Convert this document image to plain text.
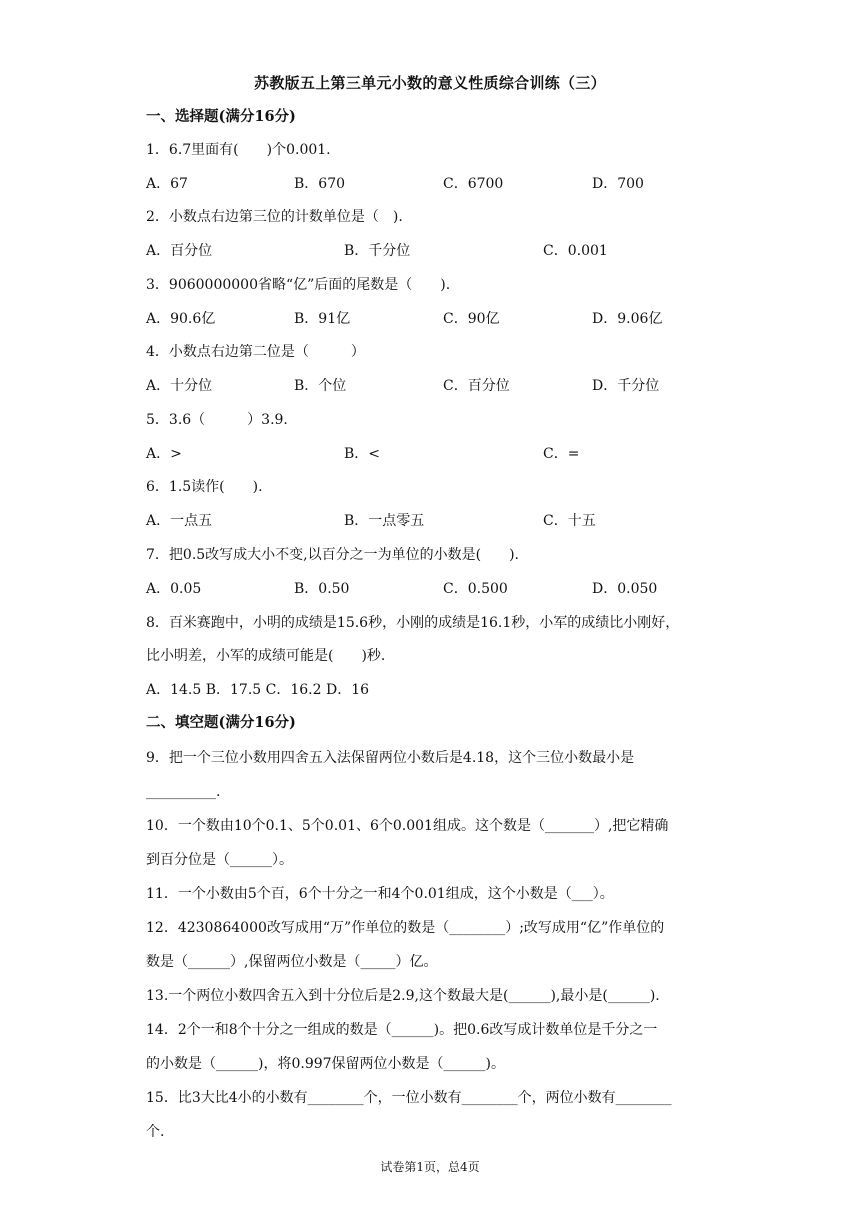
苏教版五上第三单元小数的意义性质综合训练（三）
一、选择题(满分16分)
1．6.7里面有(　　)个0.001.
A．67	B．670	C．6700	D．700
2．小数点右边第三位的计数单位是（　).
A．百分位	B．千分位	C．0.001
3．9060000000省略“亿”后面的尾数是（　　).
A．90.6亿	B．91亿	C．90亿	D．9.06亿
4．小数点右边第二位是（　　　）
A．十分位	B．个位	C．百分位	D．千分位
5．3.6（　　　）3.9.
A．>	B．<	C．=
6．1.5读作(　　).
A．一点五	B．一点零五	C．十五
7．把0.5改写成大小不变,以百分之一为单位的小数是(　　).
A．0.05	B．0.50	C．0.500	D．0.050
8．百米赛跑中，小明的成绩是15.6秒，小刚的成绩是16.1秒，小军的成绩比小刚好，
比小明差，小军的成绩可能是(　　)秒.
A．14.5 B．17.5 C．16.2 D．16
二、填空题(满分16分)
9．把一个三位小数用四舍五入法保留两位小数后是4.18，这个三位小数最小是
__________.
10．一个数由10个0.1、5个0.01、6个0.001组成。这个数是（_______）,把它精确
到百分位是（______）。
11．一个小数由5个百，6个十分之一和4个0.01组成，这个小数是（___）。
12．4230864000改写成用“万”作单位的数是（________）;改写成用“亿”作单位的
数是（______）,保留两位小数是（_____）亿。
13.一个两位小数四舍五入到十分位后是2.9,这个数最大是(______),最小是(______).
14．2个一和8个十分之一组成的数是（______)。把0.6改写成计数单位是千分之一
的小数是（______)，将0.997保留两位小数是（______)。
15．比3大比4小的小数有________个，一位小数有________个，两位小数有________
个.
试卷第1页，总4页
